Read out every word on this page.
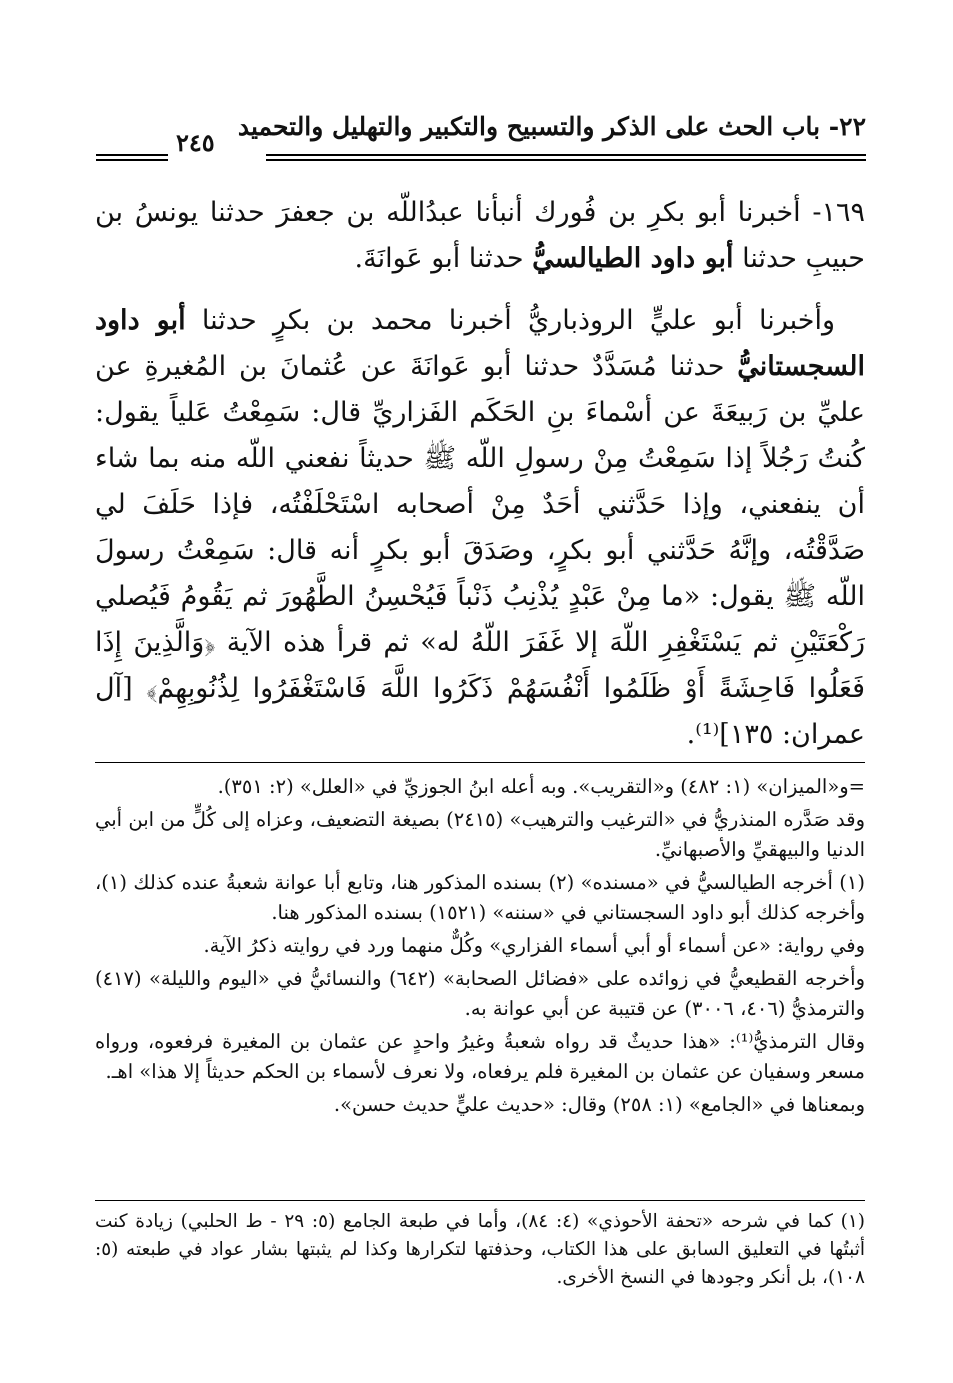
٢٢- باب الحث على الذكر والتسبيح والتكبير والتهليل والتحميد
٢٤٥

١٦٩- أخبرنا أبو بكرِ بن فُورك أنبأنا عبدُاللّه بن جعفرَ حدثنا يونسُ بن حبيبِ حدثنا أبو داود الطيالسيُّ حدثنا أبو عَوانَةَ.

وأخبرنا أبو عليٍّ الروذباريُّ أخبرنا محمد بن بكرٍ حدثنا أبو داود السجستانيُّ حدثنا مُسَدَّدٌ حدثنا أبو عَوانَةَ عن عُثمانَ بن المُغيرةِ عن عليِّ بن رَبيعَةَ عن أسْماءَ بنِ الحَكَم الفَزاريِّ قال: سَمِعْتُ عَلياً يقول: كُنتُ رَجُلاً إذا سَمِعْتُ مِنْ رسولِ اللّه ﷺ حديثاً نفعني اللّه منه بما شاء أن ينفعني، وإذا حَدَّثني أحَدٌ مِنْ أصحابه اسْتَحْلَفْتُه، فإذا حَلَفَ لي صَدَّقْتُه، وإنَّهُ حَدَّثني أبو بكرٍ، وصَدَقَ أبو بكرٍ أنه قال: سَمِعْتُ رسولَ اللّه ﷺ يقول: «ما مِنْ عَبْدٍ يُذْنِبُ ذَنْباً فَيُحْسِنُ الطَّهُورَ ثم يَقُومُ فَيُصلي رَكْعَتَيْنِ ثم يَسْتَغْفِرِ اللّهَ إلا غَفَرَ اللّهُ له» ثم قرأ هذه الآية ﴿وَالَّذِينَ إِذَا فَعَلُوا فَاحِشَةً أَوْ ظَلَمُوا أَنْفُسَهُمْ ذَكَرُوا اللَّهَ فَاسْتَغْفَرُوا لِذُنُوبِهِمْ﴾ [آل عمران: ١٣٥]⁽¹⁾.

=و«الميزان» (١: ٤٨٢) و«التقريب». وبه أعله ابنُ الجوزيِّ في «العلل» (٢: ٣٥١).

وقد صَدَّره المنذريُّ في «الترغيب والترهيب» (٢٤١٥) بصيغة التضعيف، وعزاه إلى كُلٍّ من ابن أبي الدنيا والبيهقيِّ والأصبهانيِّ.

(١) أخرجه الطيالسيُّ في «مسنده» (٢) بسنده المذكور هنا، وتابع أبا عوانة شعبةُ عنده كذلك (١)، وأخرجه كذلك أبو داود السجستاني في «سننه» (١٥٢١) بسنده المذكور هنا.

وفي رواية: «عن أسماء أو أبي أسماء الفزاري» وكُلٌّ منهما ورد في روايته ذكرُ الآية.

وأخرجه القطيعيُّ في زوائده على «فضائل الصحابة» (٦٤٢) والنسائيُّ في «اليوم والليلة» (٤١٧) والترمذيُّ (٤٠٦، ٣٠٠٦) عن قتيبة عن أبي عوانة به.

وقال الترمذيُّ⁽¹⁾: «هذا حديثٌ قد رواه شعبةُ وغيرُ واحدٍ عن عثمان بن المغيرة فرفعوه، ورواه مسعر وسفيان عن عثمان بن المغيرة فلم يرفعاه، ولا نعرف لأسماء بن الحكم حديثاً إلا هذا» اهـ.

وبمعناها في «الجامع» (١: ٢٥٨) وقال: «حديث عليٍّ حديث حسن».

(١) كما في شرحه «تحفة الأحوذي» (٤: ٨٤)، وأما في طبعة الجامع (٥: ٢٩ - ط الحلبي) زيادة كنت أثبتُها في التعليق السابق على هذا الكتاب، وحذفتها لتكرارها وكذا لم يثبتها بشار عواد في طبعته (٥: ١٠٨)، بل أنكر وجودها في النسخ الأخرى.
